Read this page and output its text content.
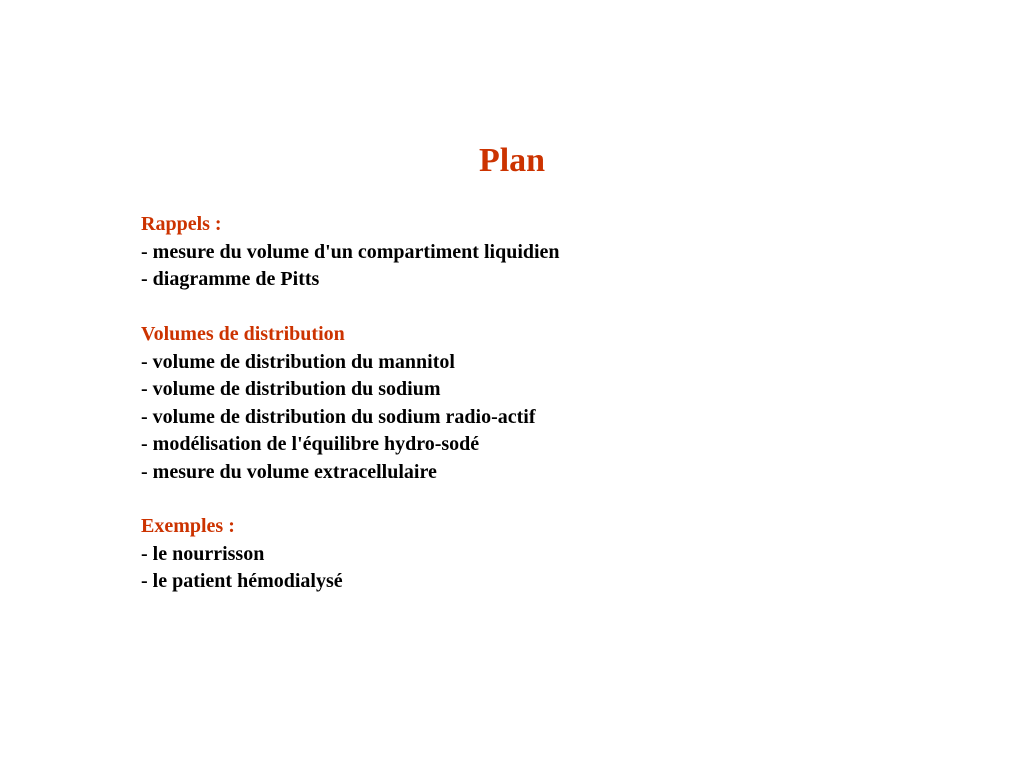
Plan
Rappels :
- mesure du volume d'un compartiment liquidien
- diagramme de Pitts
Volumes de distribution
- volume de distribution du mannitol
- volume de distribution du sodium
- volume de distribution du sodium radio-actif
- modélisation de l'équilibre hydro-sodé
- mesure du volume extracellulaire
Exemples :
- le nourrisson
- le patient hémodialysé
